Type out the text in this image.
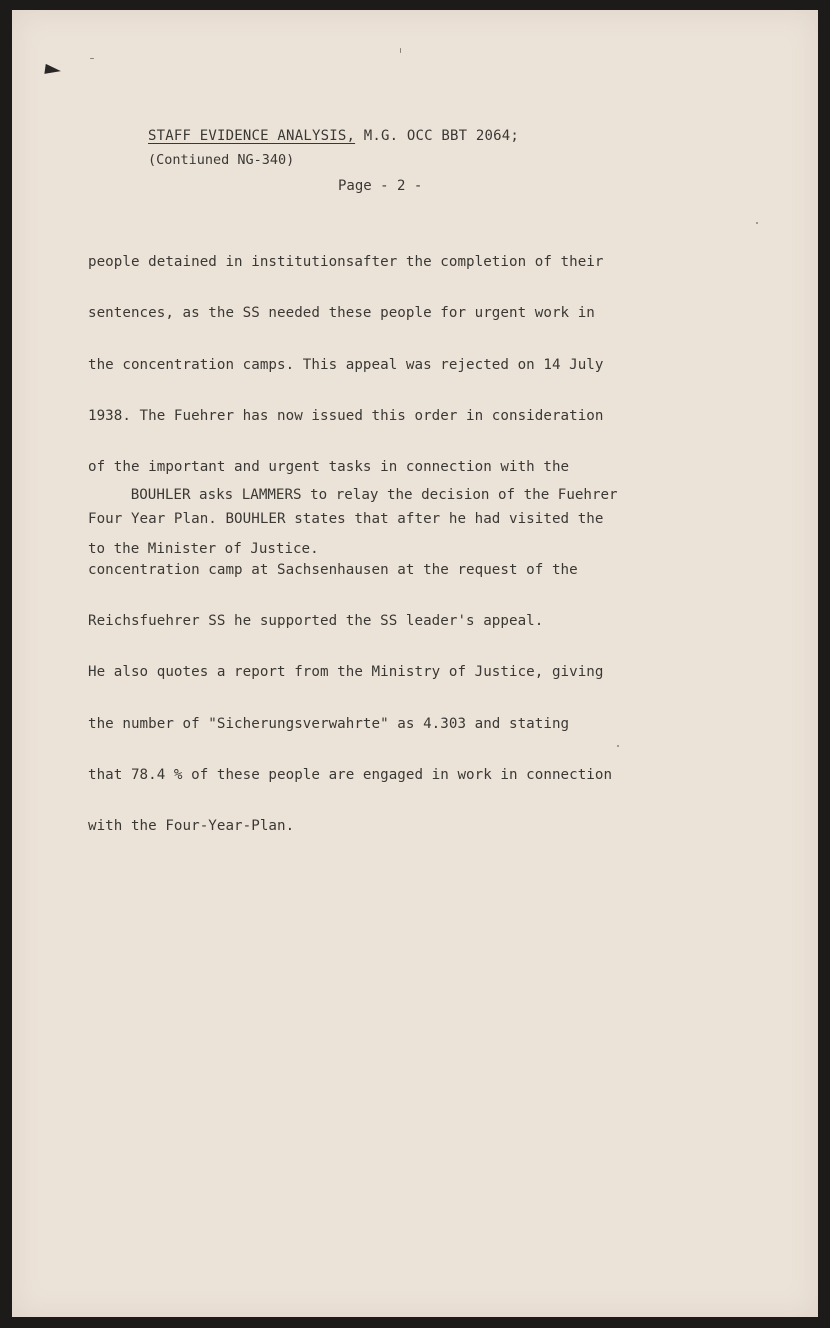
STAFF EVIDENCE ANALYSIS, M.G. OCC BBT 2064;
(Contiuned NG-340)
Page - 2 -

people detained in institutionsafter the completion of their

sentences, as the SS needed these people for urgent work in

the concentration camps. This appeal was rejected on 14 July

1938. The Fuehrer has now issued this order in consideration

of the important and urgent tasks in connection with the

Four Year Plan. BOUHLER states that after he had visited the

concentration camp at Sachsenhausen at the request of the

Reichsfuehrer SS he supported the SS leader's appeal.

He also quotes a report from the Ministry of Justice, giving

the number of "Sicherungsverwahrte" as 4.303 and stating

that 78.4 % of these people are engaged in work in connection

with the Four-Year-Plan.

BOUHLER asks LAMMERS to relay the decision of the Fuehrer

to the Minister of Justice.
